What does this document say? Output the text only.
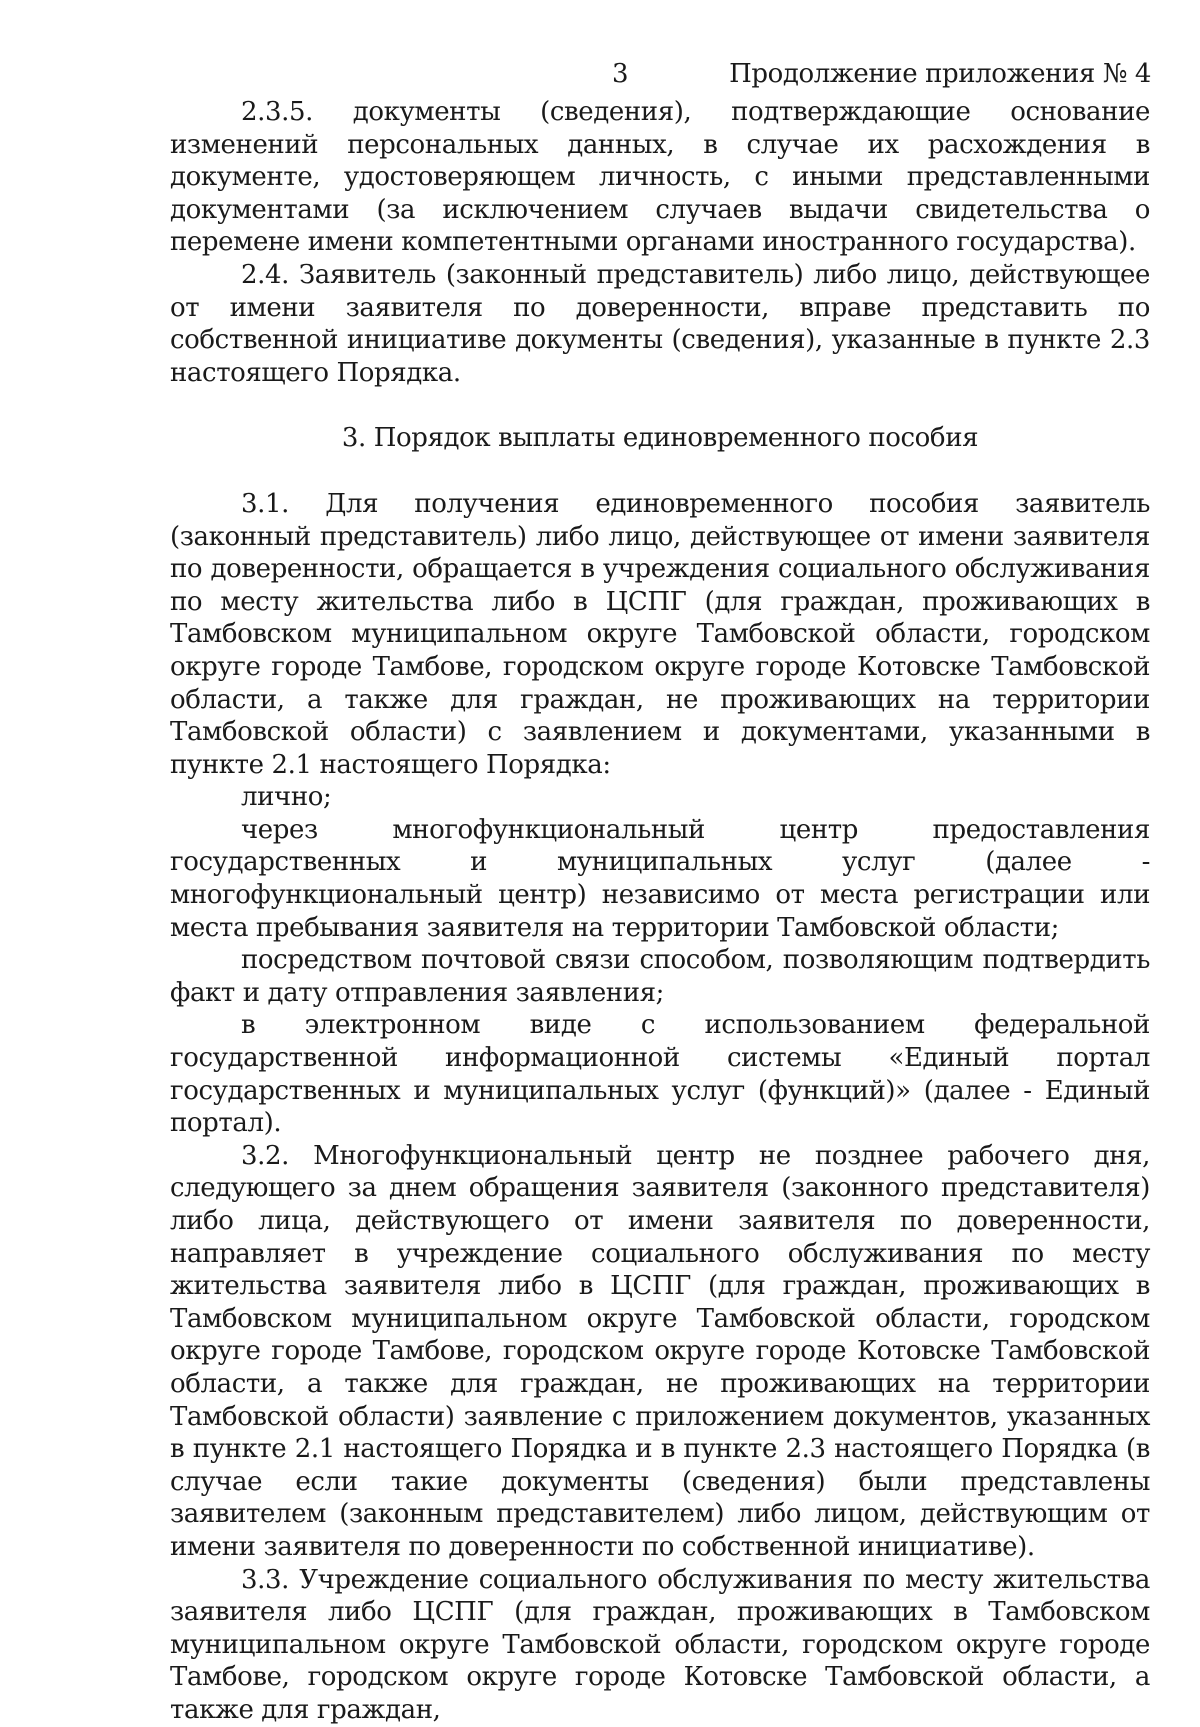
3	Продолжение приложения № 4

2.3.5. документы (сведения), подтверждающие основание изменений персональных данных, в случае их расхождения в документе, удостоверяющем личность, с иными представленными документами (за исключением случаев выдачи свидетельства о перемене имени компетентными органами иностранного государства).

2.4. Заявитель (законный представитель) либо лицо, действующее от имени заявителя по доверенности, вправе представить по собственной инициативе документы (сведения), указанные в пункте 2.3 настоящего Порядка.

3. Порядок выплаты единовременного пособия

3.1. Для получения единовременного пособия заявитель (законный представитель) либо лицо, действующее от имени заявителя по доверенности, обращается в учреждения социального обслуживания по месту жительства либо в ЦСПГ (для граждан, проживающих в Тамбовском муниципальном округе Тамбовской области, городском округе городе Тамбове, городском округе городе Котовске Тамбовской области, а также для граждан, не проживающих на территории Тамбовской области) с заявлением и документами, указанными в пункте 2.1 настоящего Порядка:

лично;

через многофункциональный центр предоставления государственных и муниципальных услуг (далее - многофункциональный центр) независимо от места регистрации или места пребывания заявителя на территории Тамбовской области;

посредством почтовой связи способом, позволяющим подтвердить факт и дату отправления заявления;

в электронном виде с использованием федеральной государственной информационной системы «Единый портал государственных и муниципальных услуг (функций)» (далее - Единый портал).

3.2. Многофункциональный центр не позднее рабочего дня, следующего за днем обращения заявителя (законного представителя) либо лица, действующего от имени заявителя по доверенности, направляет в учреждение социального обслуживания по месту жительства заявителя либо в ЦСПГ (для граждан, проживающих в Тамбовском муниципальном округе Тамбовской области, городском округе городе Тамбове, городском округе городе Котовске Тамбовской области, а также для граждан, не проживающих на территории Тамбовской области) заявление с приложением документов, указанных в пункте 2.1 настоящего Порядка и в пункте 2.3 настоящего Порядка (в случае если такие документы (сведения) были представлены заявителем (законным представителем) либо лицом, действующим от имени заявителя по доверенности по собственной инициативе).

3.3. Учреждение социального обслуживания по месту жительства заявителя либо ЦСПГ (для граждан, проживающих в Тамбовском муниципальном округе Тамбовской области, городском округе городе Тамбове, городском округе городе Котовске Тамбовской области, а также для граждан,
